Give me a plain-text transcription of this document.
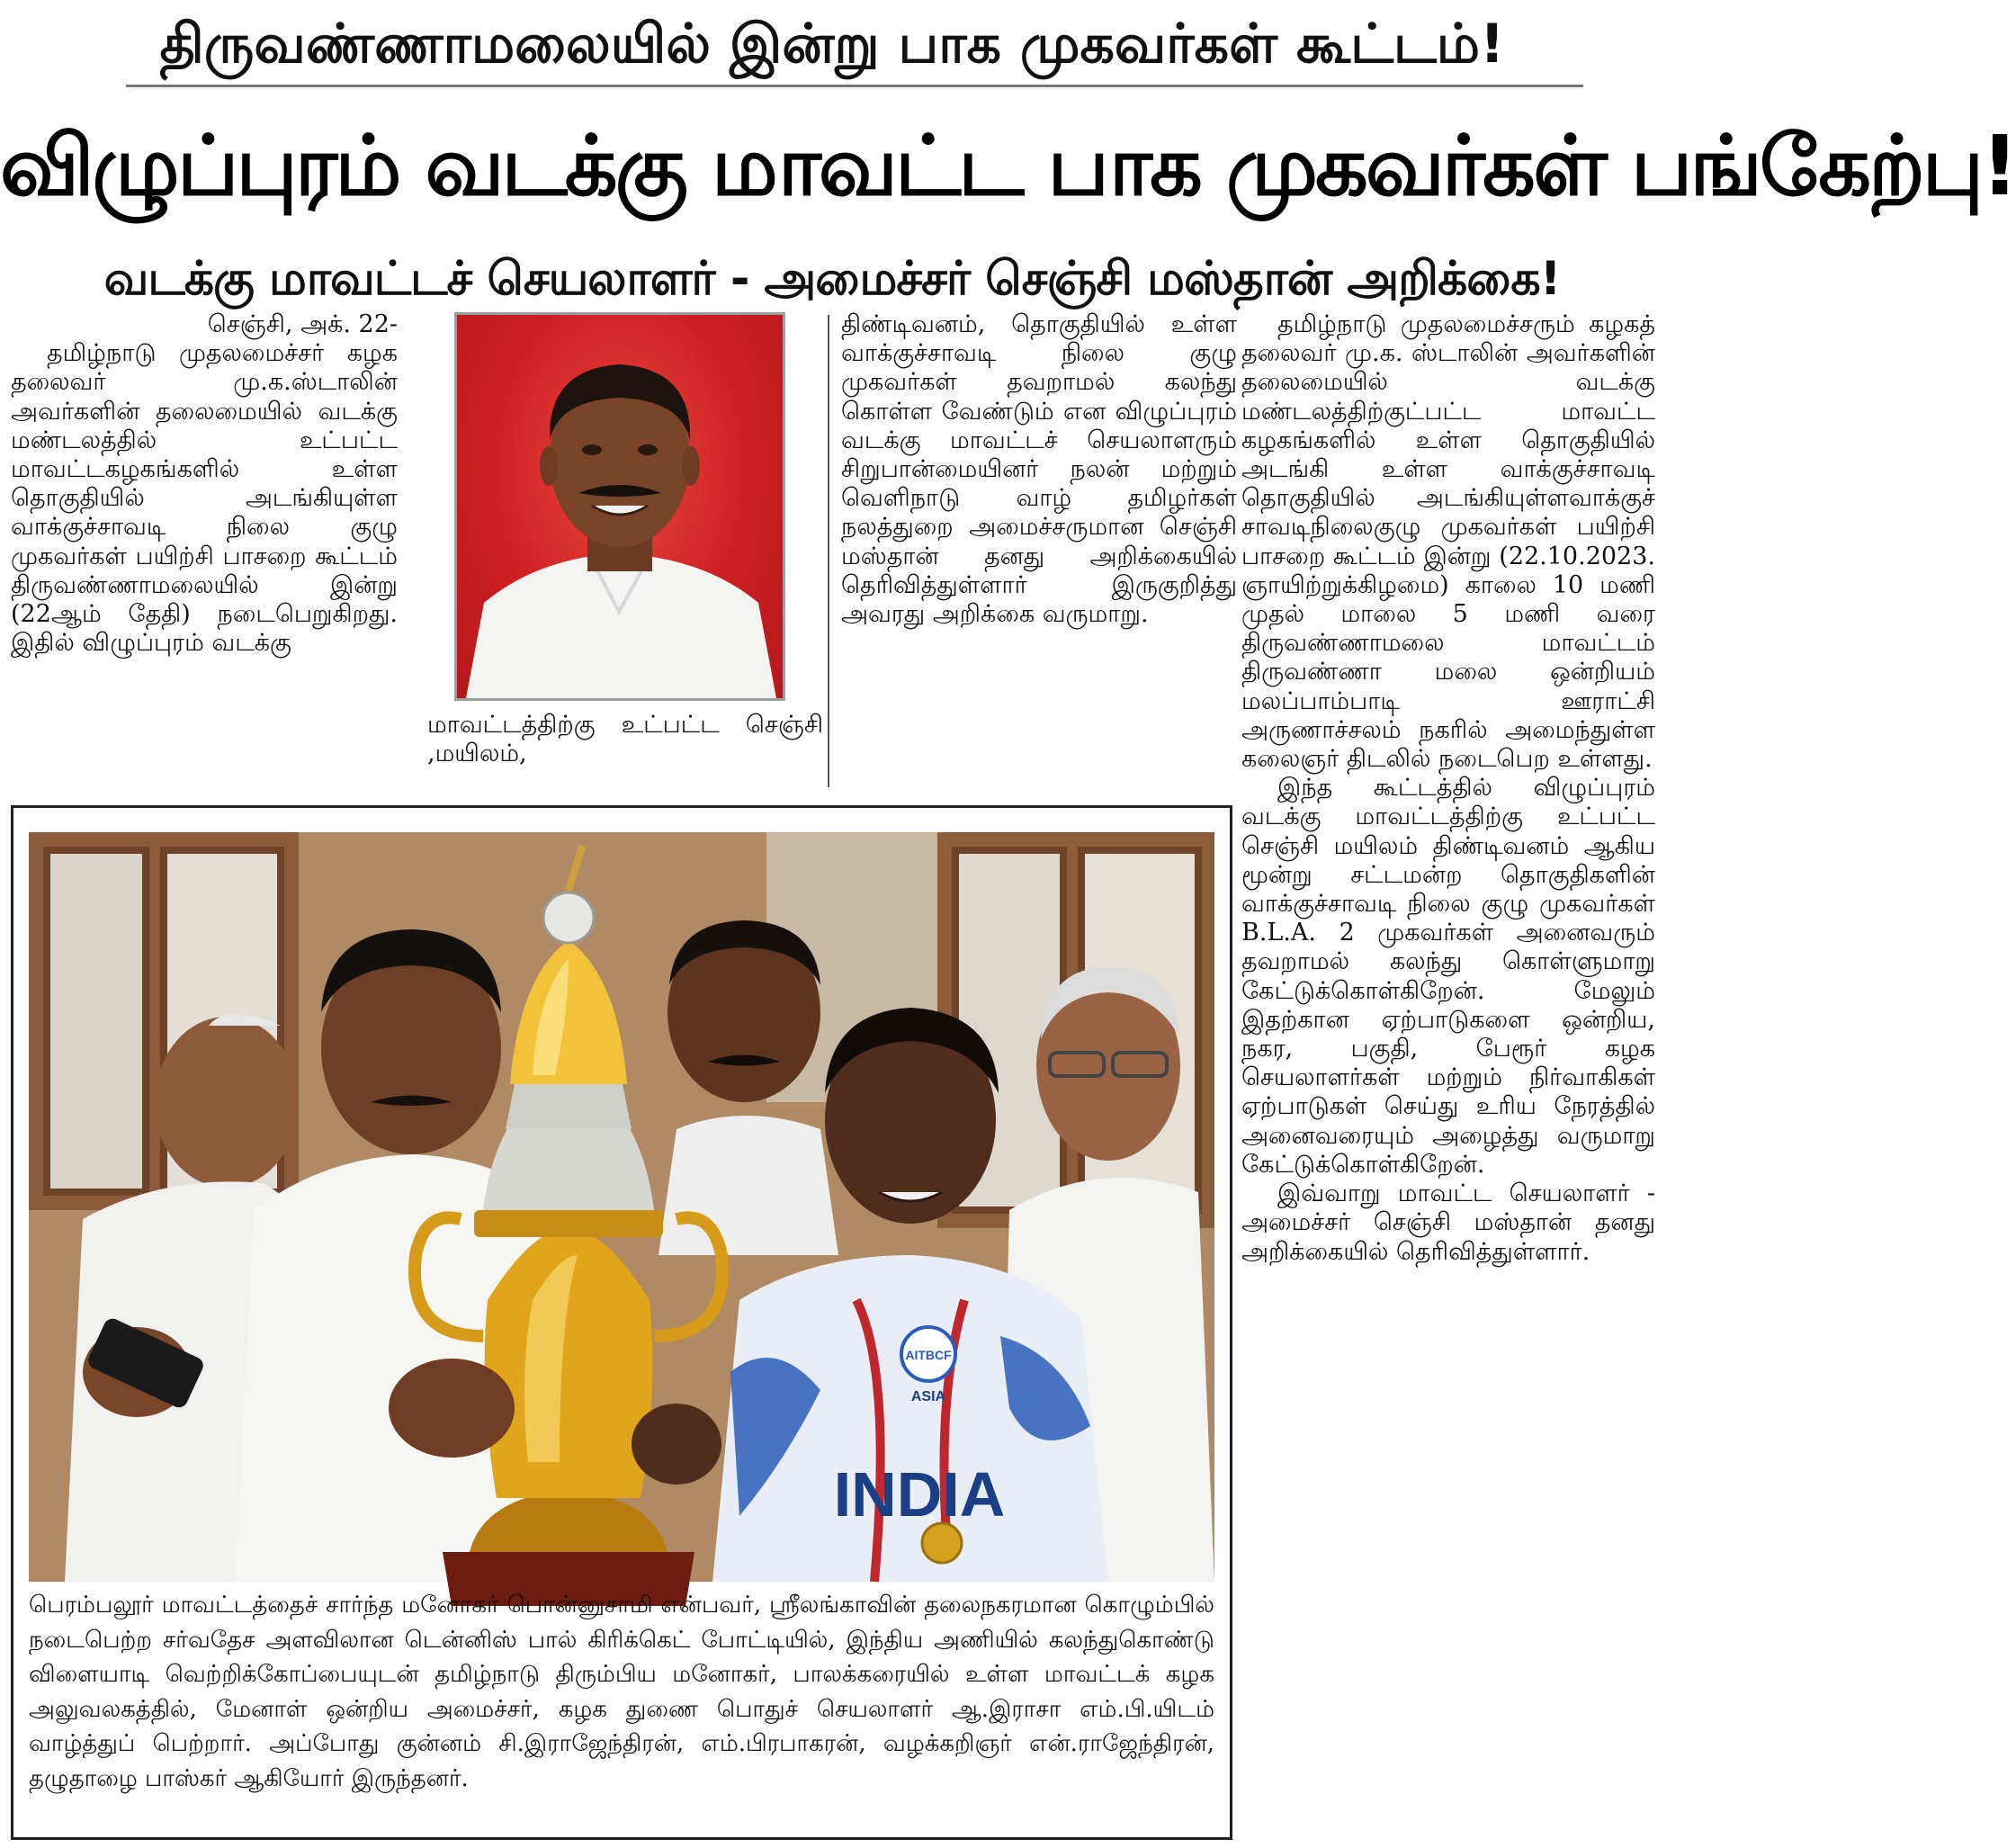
திருவண்ணாமலையில் இன்று பாக முகவர்கள் கூட்டம்!
விழுப்புரம் வடக்கு மாவட்ட பாக முகவர்கள் பங்கேற்பு!
வடக்கு மாவட்டச் செயலாளர் - அமைச்சர் செஞ்சி மஸ்தான் அறிக்கை!

செஞ்சி, அக். 22-

தமிழ்நாடு முதலமைச்சர் கழக தலைவர் மு.க.ஸ்டாலின் அவர்களின் தலைமையில் வடக்கு மண்டலத்தில் உட்பட்ட மாவட்டகழகங்களில் உள்ள தொகுதியில் அடங்கியுள்ள வாக்குச்சாவடி நிலை குழு முகவர்கள் பயிற்சி பாசறை கூட்டம் திருவண்ணாமலையில் இன்று (22ஆம் தேதி) நடைபெறுகிறது. இதில் விழுப்புரம் வடக்கு

மாவட்டத்திற்கு உட்பட்ட செஞ்சி ,மயிலம்,

திண்டிவனம், தொகுதியில் உள்ள வாக்குச்சாவடி நிலை குழு முகவர்கள் தவறாமல் கலந்து கொள்ள வேண்டும் என விழுப்புரம் வடக்கு மாவட்டச் செயலாளரும் சிறுபான்மையினர் நலன் மற்றும் வெளிநாடு வாழ் தமிழர்கள் நலத்துறை அமைச்சருமான செஞ்சி மஸ்தான் தனது அறிக்கையில் தெரிவித்துள்ளார் இருகுறித்து அவரது அறிக்கை வருமாறு.

தமிழ்நாடு முதலமைச்சரும் கழகத் தலைவர் மு.க. ஸ்டாலின் அவர்களின் தலைமையில் வடக்கு மண்டலத்திற்குட்பட்ட மாவட்ட கழகங்களில் உள்ள தொகுதியில் அடங்கி உள்ள வாக்குச்சாவடி தொகுதியில் அடங்கியுள்ளவாக்குச் சாவடிநிலைகுழு முகவர்கள் பயிற்சி பாசறை கூட்டம் இன்று (22.10.2023. ஞாயிற்றுக்கிழமை) காலை 10 மணி முதல் மாலை 5 மணி வரை திருவண்ணாமலை மாவட்டம் திருவண்ணா மலை ஒன்றியம் மலப்பாம்பாடி ஊராட்சி அருணாச்சலம் நகரில் அமைந்துள்ள கலைஞர் திடலில் நடைபெற உள்ளது.

இந்த கூட்டத்தில் விழுப்புரம் வடக்கு மாவட்டத்திற்கு உட்பட்ட செஞ்சி மயிலம் திண்டிவனம் ஆகிய மூன்று சட்டமன்ற தொகுதிகளின் வாக்குச்சாவடி நிலை குழு முகவர்கள் B.L.A. 2 முகவர்கள் அனைவரும் தவறாமல் கலந்து கொள்ளுமாறு கேட்டுக்கொள்கிறேன். மேலும் இதற்கான ஏற்பாடுகளை ஒன்றிய, நகர, பகுதி, பேரூர் கழக செயலாளர்கள் மற்றும் நிர்வாகிகள் ஏற்பாடுகள் செய்து உரிய நேரத்தில் அனைவரையும் அழைத்து வருமாறு கேட்டுக்கொள்கிறேன்.

இவ்வாறு மாவட்ட செயலாளர் - அமைச்சர் செஞ்சி மஸ்தான் தனது அறிக்கையில் தெரிவித்துள்ளார்.

AITBCF
ASIA
INDIA
பெரம்பலூர் மாவட்டத்தைச் சார்ந்த மனோகர் பொன்னுசாமி என்பவர், ஸ்ரீலங்காவின் தலைநகரமான கொழும்பில் நடைபெற்ற சர்வதேச அளவிலான டென்னிஸ் பால் கிரிக்கெட் போட்டியில், இந்திய அணியில் கலந்துகொண்டு விளையாடி வெற்றிக்கோப்பையுடன் தமிழ்நாடு திரும்பிய மனோகர், பாலக்கரையில் உள்ள மாவட்டக் கழக அலுவலகத்தில், மேனாள் ஒன்றிய அமைச்சர், கழக துணை பொதுச் செயலாளர் ஆ.இராசா எம்.பி.யிடம் வாழ்த்துப் பெற்றார். அப்போது குன்னம் சி.இராஜேந்திரன், எம்.பிரபாகரன், வழக்கறிஞர் என்.ராஜேந்திரன், தழுதாழை பாஸ்கர் ஆகியோர் இருந்தனர்.
